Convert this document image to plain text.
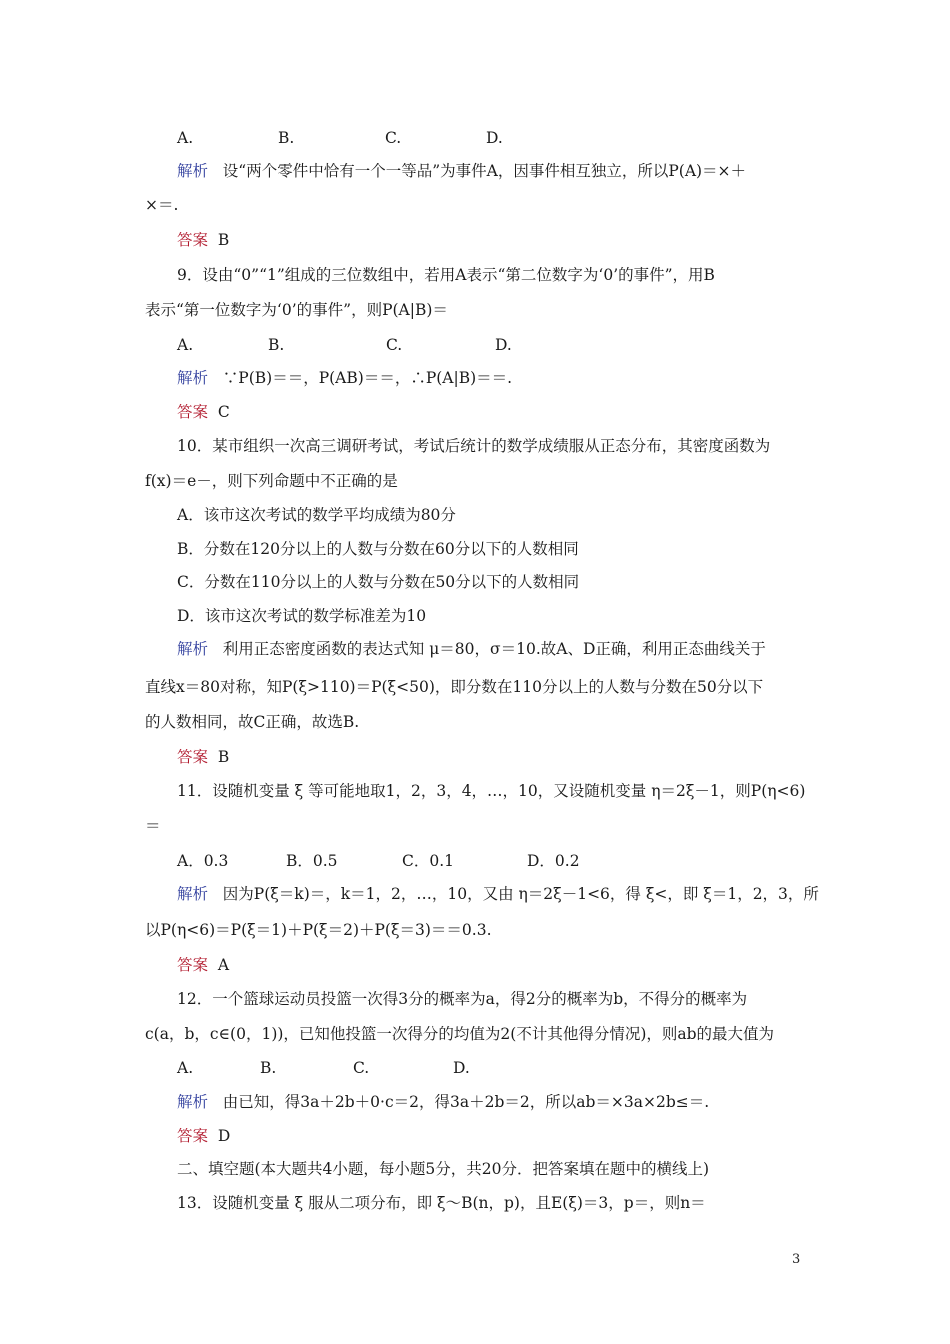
A.	B.	C.	D.
解析 设“两个零件中恰有一个一等品”为事件A，因事件相互独立，所以P(A)＝×＋
×＝.
答案 B
9．设由“0”“1”组成的三位数组中，若用A表示“第二位数字为‘0’的事件”，用B
表示“第一位数字为‘0’的事件”，则P(A|B)＝
A.	B.	C.	D.
解析 ∵P(B)＝＝，P(AB)＝＝，∴P(A|B)＝＝.
答案 C
10．某市组织一次高三调研考试，考试后统计的数学成绩服从正态分布，其密度函数为
f(x)＝e－，则下列命题中不正确的是
A．该市这次考试的数学平均成绩为80分
B．分数在120分以上的人数与分数在60分以下的人数相同
C．分数在110分以上的人数与分数在50分以下的人数相同
D．该市这次考试的数学标准差为10
解析 利用正态密度函数的表达式知 μ＝80，σ＝10.故A、D正确，利用正态曲线关于
直线x＝80对称，知P(ξ>110)＝P(ξ<50)，即分数在110分以上的人数与分数在50分以下
的人数相同，故C正确，故选B.
答案 B
11．设随机变量 ξ 等可能地取1，2，3，4，…，10，又设随机变量 η＝2ξ－1，则P(η<6)
＝
A．0.3	B．0.5	C．0.1	D．0.2
解析 因为P(ξ＝k)＝，k＝1，2，…，10，又由 η＝2ξ－1<6，得 ξ<，即 ξ＝1，2，3，所
以P(η<6)＝P(ξ＝1)＋P(ξ＝2)＋P(ξ＝3)＝＝0.3.
答案 A
12．一个篮球运动员投篮一次得3分的概率为a，得2分的概率为b，不得分的概率为
c(a，b，c∈(0，1))，已知他投篮一次得分的均值为2(不计其他得分情况)，则ab的最大值为
A.	B.	C.	D.
解析 由已知，得3a＋2b＋0·c＝2，得3a＋2b＝2，所以ab＝×3a×2b≤＝.
答案 D
二、填空题(本大题共4小题，每小题5分，共20分．把答案填在题中的横线上)
13．设随机变量 ξ 服从二项分布，即 ξ～B(n，p)，且E(ξ)＝3，p＝，则n＝
3
